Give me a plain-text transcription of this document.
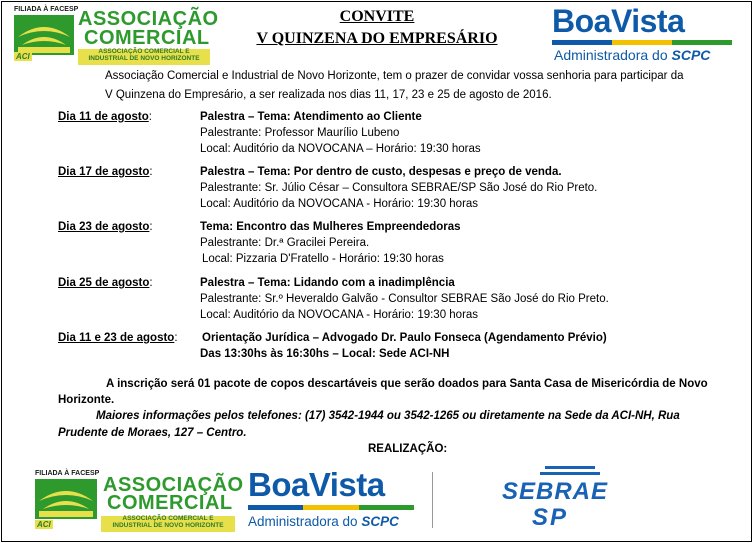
FILIADA À FACESP ASSOCIAÇÃO
COMERCIAL
ACI
ASSOCIAÇÃO COMERCIAL E
INDUSTRIAL DE NOVO HORIZONTE
CONVITE
V QUINZENA DO EMPRESÁRIO	BoaVista
Administradora do SCPC
Associação Comercial e Industrial de Novo Horizonte, tem o prazer de convidar vossa senhoria para participar da
V Quinzena do Empresário, a ser realizada nos dias 11, 17, 23 e 25 de agosto de 2016.
Dia 11 de agosto:	Palestra – Tema: Atendimento ao Cliente
Palestrante: Professor Maurílio Lubeno
Local: Auditório da NOVOCANA – Horário: 19:30 horas
Dia 17 de agosto:	Palestra – Tema: Por dentro de custo, despesas e preço de venda.
Palestrante: Sr. Júlio César – Consultora SEBRAE/SP São José do Rio Preto.
Local: Auditório da NOVOCANA - Horário: 19:30 horas
Dia 23 de agosto:	Tema: Encontro das Mulheres Empreendedoras
Palestrante: Dr.ª Gracilei Pereira.
Local: Pizzaria D'Fratello - Horário: 19:30 horas
Dia 25 de agosto:	Palestra – Tema: Lidando com a inadimplência
Palestrante: Sr.º Heveraldo Galvão - Consultor SEBRAE São José do Rio Preto.
Local: Auditório da NOVOCANA - Horário: 19:30 horas
Dia 11 e 23 de agosto: Orientação Jurídica – Advogado Dr. Paulo Fonseca (Agendamento Prévio)
Das 13:30hs às 16:30hs – Local: Sede ACI-NH
A inscrição será 01 pacote de copos descartáveis que serão doados para Santa Casa de Misericórdia de Novo
Horizonte.
Maiores informações pelos telefones: (17) 3542-1944 ou 3542-1265 ou diretamente na Sede da ACI-NH, Rua
Prudente de Moraes, 127 – Centro.
REALIZAÇÃO:
FILIADA À FACESP
ASSOCIAÇÃO
COMERCIAL
ACI
ASSOCIAÇÃO COMERCIAL E
INDUSTRIAL DE NOVO HORIZONTE
BoaVista
Administradora do SCPC
SEBRAE
SP
